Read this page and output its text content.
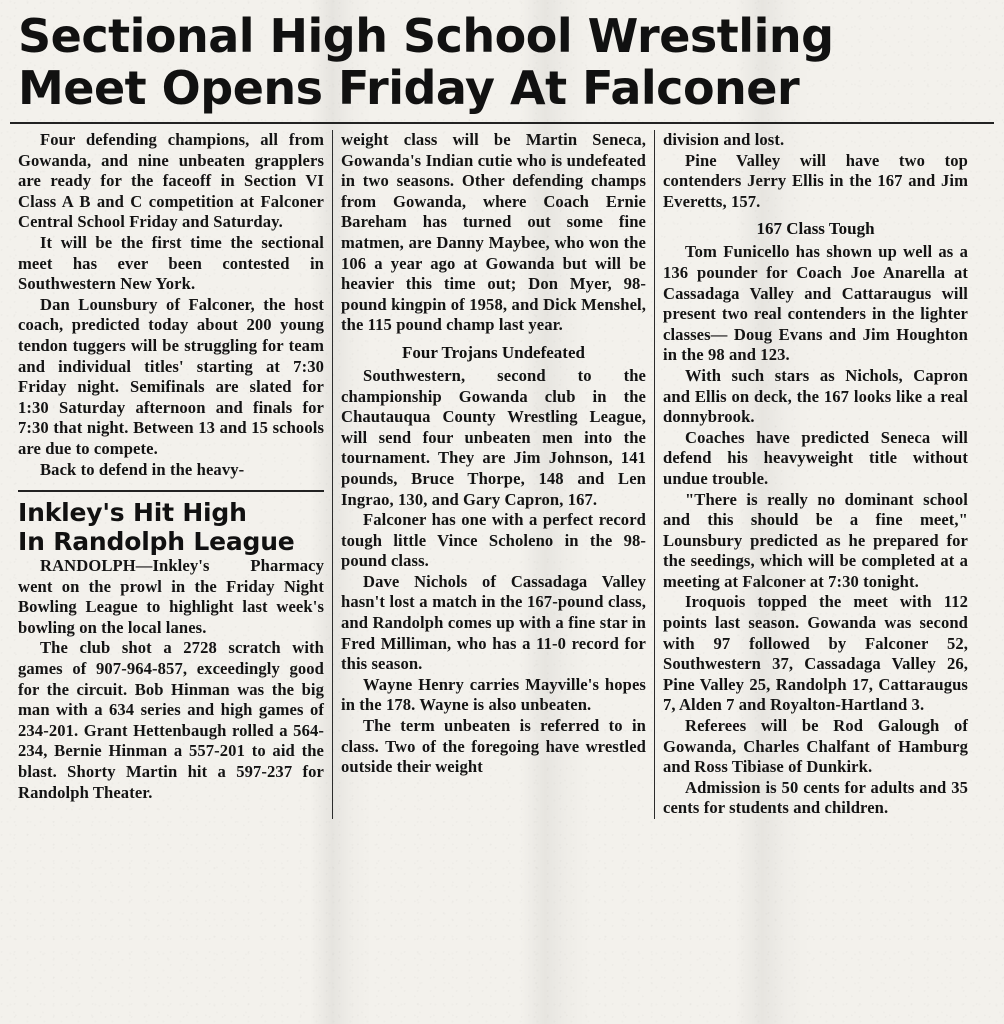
Sectional High School Wrestling
Meet Opens Friday At Falconer

Four defending champions, all from Gowanda, and nine unbeaten grapplers are ready for the faceoff in Section VI Class A B and C competition at Falconer Central School Friday and Saturday.

It will be the first time the sectional meet has ever been contested in Southwestern New York.

Dan Lounsbury of Falconer, the host coach, predicted today about 200 young tendon tuggers will be struggling for team and individual titles' starting at 7:30 Friday night. Semifinals are slated for 1:30 Saturday afternoon and finals for 7:30 that night. Between 13 and 15 schools are due to compete.

Back to defend in the heavy-

Inkley's Hit High
In Randolph League

RANDOLPH—Inkley's Pharmacy went on the prowl in the Friday Night Bowling League to highlight last week's bowling on the local lanes.

The club shot a 2728 scratch with games of 907-964-857, exceedingly good for the circuit. Bob Hinman was the big man with a 634 series and high games of 234-201. Grant Hettenbaugh rolled a 564-234, Bernie Hinman a 557-201 to aid the blast. Shorty Martin hit a 597-237 for Randolph Theater.

weight class will be Martin Seneca, Gowanda's Indian cutie who is undefeated in two seasons. Other defending champs from Gowanda, where Coach Ernie Bareham has turned out some fine matmen, are Danny Maybee, who won the 106 a year ago at Gowanda but will be heavier this time out; Don Myer, 98-pound kingpin of 1958, and Dick Menshel, the 115 pound champ last year.

Four Trojans Undefeated

Southwestern, second to the championship Gowanda club in the Chautauqua County Wrestling League, will send four unbeaten men into the tournament. They are Jim Johnson, 141 pounds, Bruce Thorpe, 148 and Len Ingrao, 130, and Gary Capron, 167.

Falconer has one with a perfect record tough little Vince Scholeno in the 98-pound class.

Dave Nichols of Cassadaga Valley hasn't lost a match in the 167-pound class, and Randolph comes up with a fine star in Fred Milliman, who has a 11-0 record for this season.

Wayne Henry carries Mayville's hopes in the 178. Wayne is also unbeaten.

The term unbeaten is referred to in class. Two of the foregoing have wrestled outside their weight

division and lost.

Pine Valley will have two top contenders Jerry Ellis in the 167 and Jim Everetts, 157.

167 Class Tough

Tom Funicello has shown up well as a 136 pounder for Coach Joe Anarella at Cassadaga Valley and Cattaraugus will present two real contenders in the lighter classes— Doug Evans and Jim Houghton in the 98 and 123.

With such stars as Nichols, Capron and Ellis on deck, the 167 looks like a real donnybrook.

Coaches have predicted Seneca will defend his heavyweight title without undue trouble.

"There is really no dominant school and this should be a fine meet," Lounsbury predicted as he prepared for the seedings, which will be completed at a meeting at Falconer at 7:30 tonight.

Iroquois topped the meet with 112 points last season. Gowanda was second with 97 followed by Falconer 52, Southwestern 37, Cassadaga Valley 26, Pine Valley 25, Randolph 17, Cattaraugus 7, Alden 7 and Royalton-Hartland 3.

Referees will be Rod Galough of Gowanda, Charles Chalfant of Hamburg and Ross Tibiase of Dunkirk.

Admission is 50 cents for adults and 35 cents for students and children.
